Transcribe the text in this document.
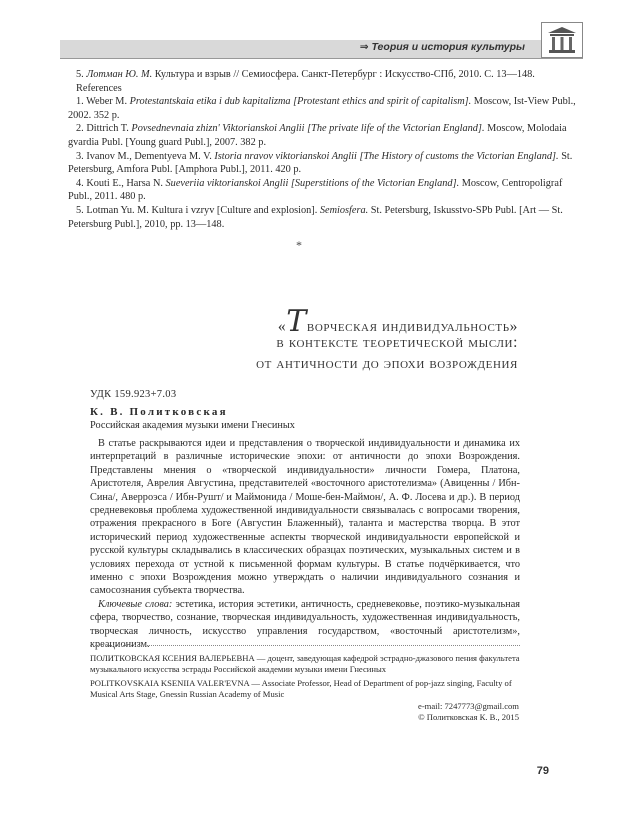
⇒ Теория и история культуры

5. Лотман Ю. М. Культура и взрыв // Семиосфера. Санкт-Петербург : Искусство-СПб, 2010. С. 13—148.

References

1. Weber M. Protestantskaia etika i dub kapitalizma [Protestant ethics and spirit of capitalism]. Moscow, Ist-View Publ., 2002. 352 p.

2. Dittrich T. Povsednevnaia zhizn' Viktorianskoi Anglii [The private life of the Victorian England]. Moscow, Molodaia gvardia Publ. [Young guard Publ.], 2007. 382 p.

3. Ivanov M., Dementyeva M. V. Istoria nravov viktorianskoi Anglii [The History of customs the Victorian England]. St. Petersburg, Amfora Publ. [Amphora Publ.], 2011. 420 p.

4. Kouti E., Harsa N. Sueveriia viktorianskoi Anglii [Superstitions of the Victorian England]. Moscow, Centropoligraf Publ., 2011. 480 p.

5. Lotman Yu. M. Kultura i vzryv [Culture and explosion]. Semiosfera. St. Petersburg, Iskusstvo-SPb Publ. [Art — St. Petersburg Publ.], 2010, pp. 13—148.

*
«Творческая индивидуальность»
в контексте теоретической мысли:
от античности до эпохи возрождения
УДК 159.923+7.03
К. В. Политковская
Российская академия музыки имени Гнесиных

В статье раскрываются идеи и представления о творческой индивидуальности и динамика их интерпретаций в различные исторические эпохи: от античности до эпохи Возрождения. Представлены мнения о «творческой индивидуальности» личности Гомера, Платона, Аристотеля, Аврелия Августина, представителей «восточного аристотелизма» (Авиценны / Ибн-Сина/, Аверроэса / Ибн-Рушт/ и Маймонида / Моше-бен-Маймон/, А. Ф. Лосева и др.). В период средневековья проблема художественной индивидуальности связывалась с вопросами творения, отражения прекрасного в Боге (Августин Блаженный), таланта и мастерства творца. В этот исторический период художественные аспекты творческой индивидуальности европейской и русской культуры складывались в классических образцах поэтических, музыкальных систем и в условиях перехода от устной к письменной формам культуры. В статье подчёркивается, что именно с эпохи Возрождения можно утверждать о наличии индивидуального сознания и самосознания субъекта творчества.

Ключевые слова: эстетика, история эстетики, античность, средневековье, поэтико-музыкальная сфера, творчество, сознание, творческая индивидуальность, художественная индивидуальность, творческая личность, искусство управления государством, «восточный аристотелизм», креационизм.

ПОЛИТКОВСКАЯ КСЕНИЯ ВАЛЕРЬЕВНА — доцент, заведующая кафедрой эстрадно-джазового пения факультета музыкального искусства эстрады Российской академии музыки имени Гнесиных

POLITKOVSKAIA KSENIIA VALER'EVNA — Associate Professor, Head of Department of pop-jazz singing, Faculty of Musical Arts Stage, Gnessin Russian Academy of Music

e-mail: 7247773@gmail.com
© Политковская К. В., 2015
79
